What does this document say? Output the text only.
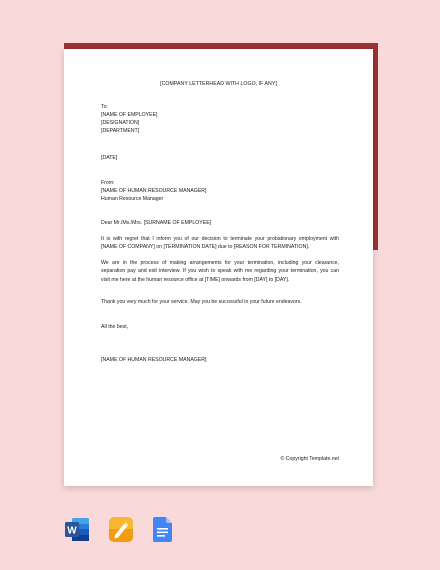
[COMPANY LETTERHEAD WITH LOGO, IF ANY]
To:
[NAME OF EMPLOYEE]
[DESIGNATION]
[DEPARTMENT]
[DATE]
From:
[NAME OF HUMAN RESOURCE MANAGER]
Human Resource Manager
Dear Mr./Ms./Mrs. [SURNAME OF EMPLOYEE]
It is with regret that I inform you of our decision to terminate your probationary employment with
[NAME OF COMPANY] on [TERMINATION DATE] due to [REASON FOR TERMINATION].
We are in the process of making arrangements for your termination, including your clearance,
separation pay and exit interview. If you wish to speak with me regarding your termination, you can
visit me here at the human resource office at [TIME] onwards from [DAY] to [DAY].
Thank you very much for your service. May you be successful in your future endeavors.
All the best,
[NAME OF HUMAN RESOURCE MANAGER]
© Copyright Template.net
W
